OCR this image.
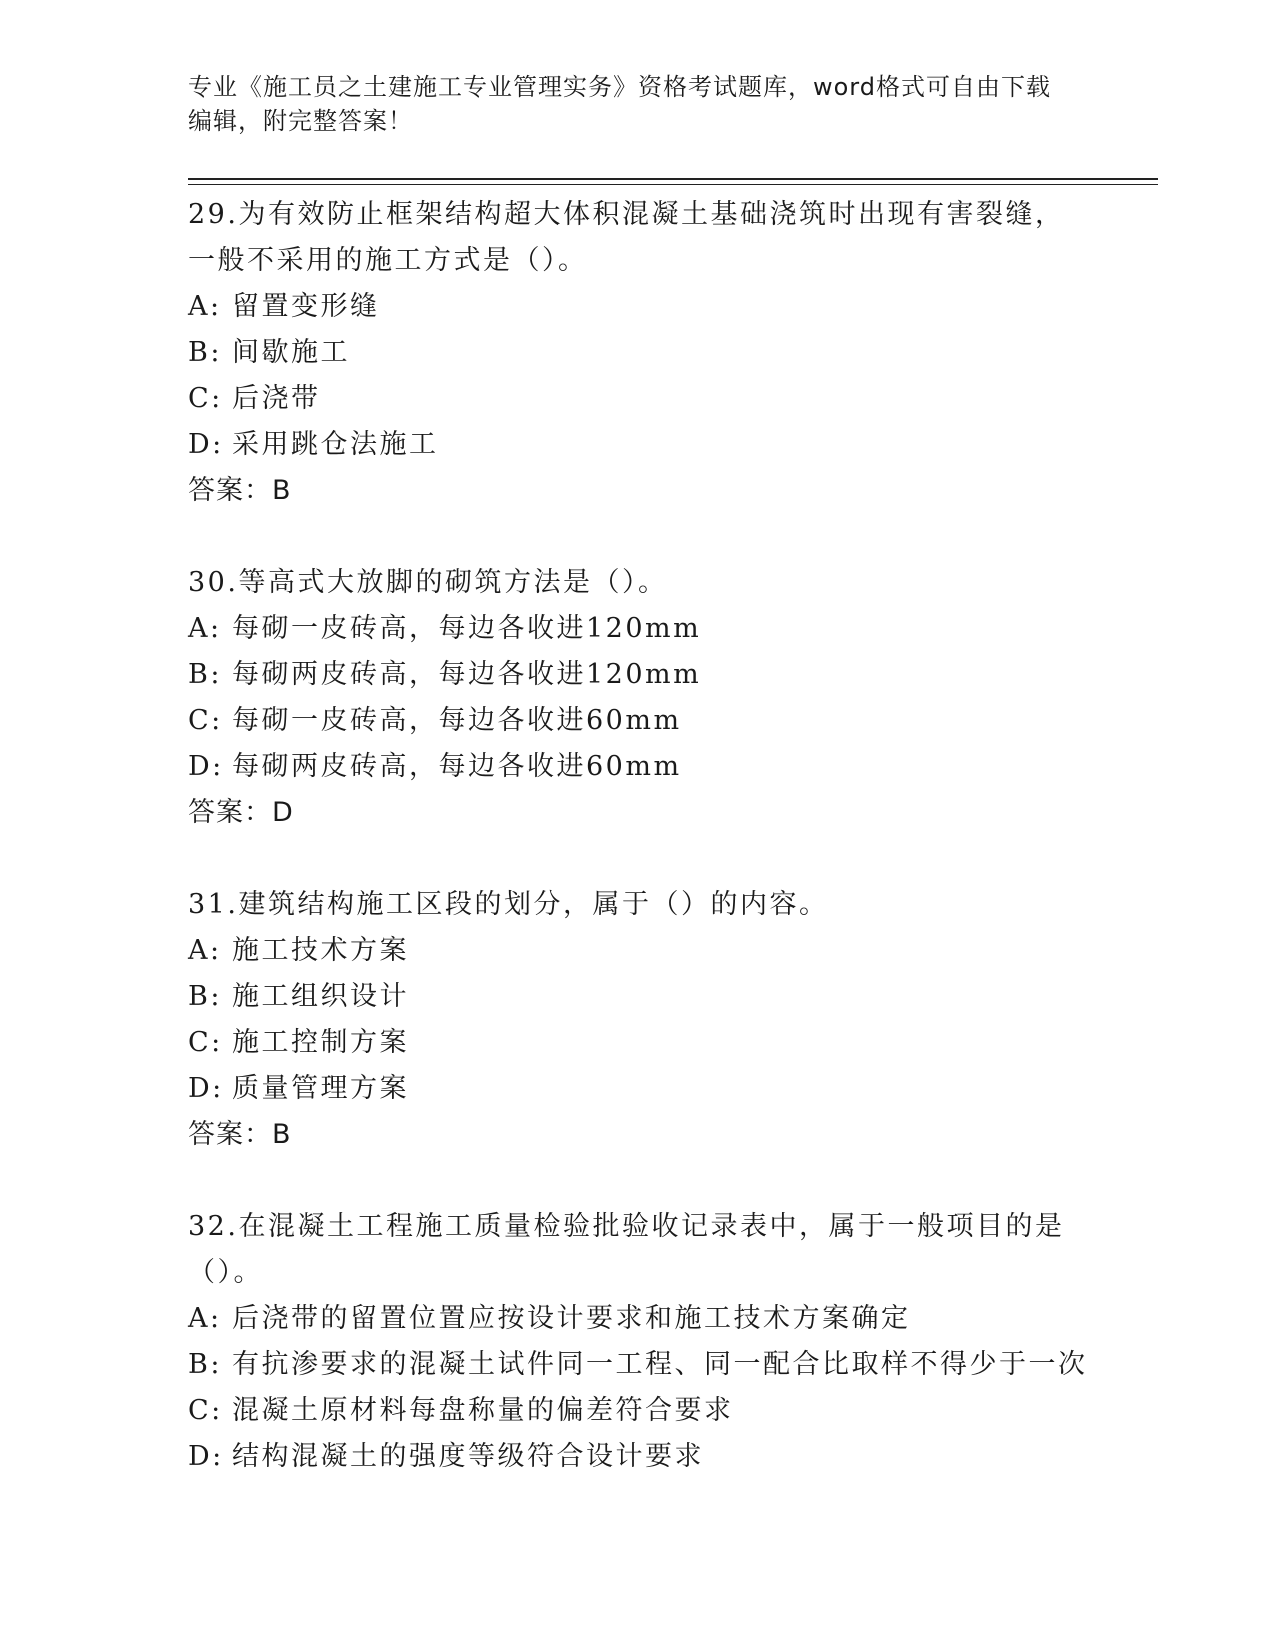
专业《施工员之土建施工专业管理实务》资格考试题库，word格式可自由下载编辑，附完整答案！
29.为有效防止框架结构超大体积混凝土基础浇筑时出现有害裂缝，一般不采用的施工方式是（）。
A: 留置变形缝
B: 间歇施工
C: 后浇带
D: 采用跳仓法施工
答案：B
30.等高式大放脚的砌筑方法是（）。
A: 每砌一皮砖高，每边各收进120mm
B: 每砌两皮砖高，每边各收进120mm
C: 每砌一皮砖高，每边各收进60mm
D: 每砌两皮砖高，每边各收进60mm
答案：D
31.建筑结构施工区段的划分，属于（）的内容。
A: 施工技术方案
B: 施工组织设计
C: 施工控制方案
D: 质量管理方案
答案：B
32.在混凝土工程施工质量检验批验收记录表中，属于一般项目的是（）。
A: 后浇带的留置位置应按设计要求和施工技术方案确定
B: 有抗渗要求的混凝土试件同一工程、同一配合比取样不得少于一次
C: 混凝土原材料每盘称量的偏差符合要求
D: 结构混凝土的强度等级符合设计要求
